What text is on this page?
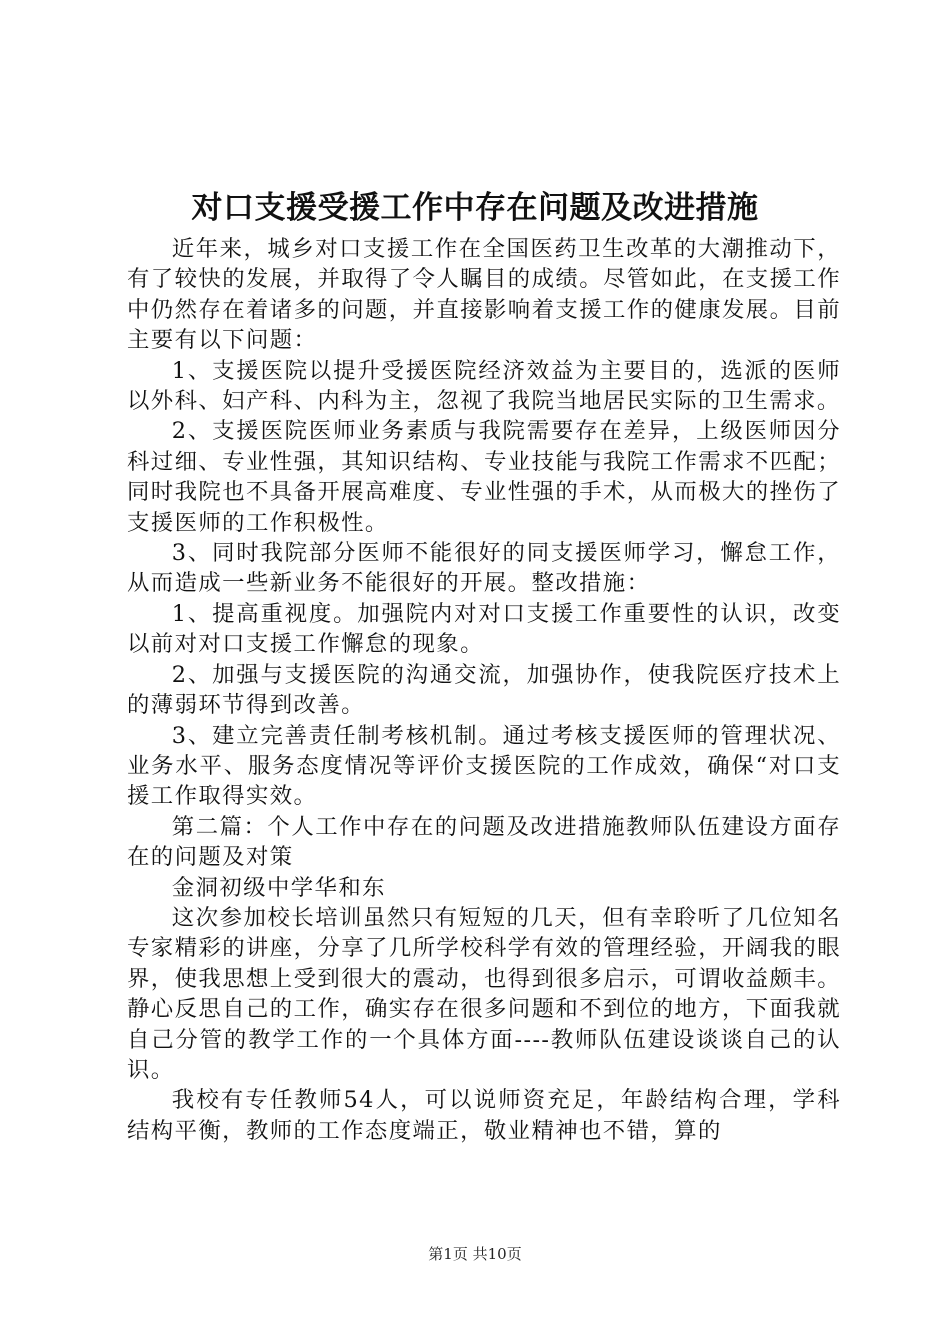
对口支援受援工作中存在问题及改进措施

近年来，城乡对口支援工作在全国医药卫生改革的大潮推动下，有了较快的发展，并取得了令人瞩目的成绩。尽管如此，在支援工作中仍然存在着诸多的问题，并直接影响着支援工作的健康发展。目前主要有以下问题：

1、支援医院以提升受援医院经济效益为主要目的，选派的医师以外科、妇产科、内科为主，忽视了我院当地居民实际的卫生需求。

2、支援医院医师业务素质与我院需要存在差异，上级医师因分科过细、专业性强，其知识结构、专业技能与我院工作需求不匹配；同时我院也不具备开展高难度、专业性强的手术，从而极大的挫伤了支援医师的工作积极性。

3、同时我院部分医师不能很好的同支援医师学习，懈怠工作，从而造成一些新业务不能很好的开展。整改措施：

1、提高重视度。加强院内对对口支援工作重要性的认识，改变以前对对口支援工作懈怠的现象。

2、加强与支援医院的沟通交流，加强协作，使我院医疗技术上的薄弱环节得到改善。

3、建立完善责任制考核机制。通过考核支援医师的管理状况、业务水平、服务态度情况等评价支援医院的工作成效，确保“对口支援工作取得实效。

第二篇：个人工作中存在的问题及改进措施教师队伍建设方面存在的问题及对策

金洞初级中学华和东

这次参加校长培训虽然只有短短的几天，但有幸聆听了几位知名专家精彩的讲座，分享了几所学校科学有效的管理经验，开阔我的眼界，使我思想上受到很大的震动，也得到很多启示，可谓收益颇丰。静心反思自己的工作，确实存在很多问题和不到位的地方，下面我就自己分管的教学工作的一个具体方面----教师队伍建设谈谈自己的认识。

我校有专任教师54人，可以说师资充足，年龄结构合理，学科结构平衡，教师的工作态度端正，敬业精神也不错，算的

第1页 共10页
